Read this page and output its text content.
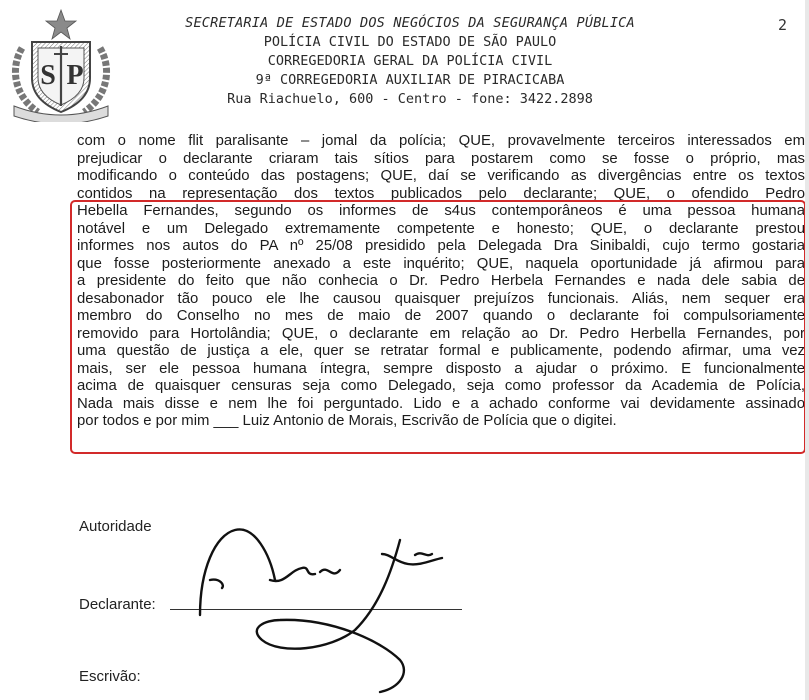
S P
2
SECRETARIA DE ESTADO DOS NEGÓCIOS DA SEGURANÇA PÚBLICA
POLÍCIA CIVIL DO ESTADO DE SÃO PAULO
CORREGEDORIA GERAL DA POLÍCIA CIVIL
9ª CORREGEDORIA AUXILIAR DE PIRACICABA
Rua Riachuelo, 600 - Centro - fone: 3422.2898
com o nome flit paralisante – jomal da polícia; QUE, provavelmente terceiros interessados em
prejudicar o declarante criaram tais sítios para postarem como se fosse o próprio, mas
modificando o conteúdo das postagens; QUE, daí se verificando as divergências entre os textos
contidos na representação dos textos publicados pelo declarante; QUE, o ofendido Pedro
Hebella Fernandes, segundo os informes de s4us contemporâneos é uma pessoa humana
notável e um Delegado extremamente competente e honesto; QUE, o declarante prestou
informes nos autos do PA nº 25/08 presidido pela Delegada Dra Sinibaldi, cujo termo gostaria
que fosse posteriormente anexado a este inquérito; QUE, naquela oportunidade já afirmou para
a presidente do feito que não conhecia o Dr. Pedro Herbela Fernandes e nada dele sabia de
desabonador tão pouco ele lhe causou quaisquer prejuízos funcionais. Aliás, nem sequer era
membro do Conselho no mes de maio de 2007 quando o declarante foi compulsoriamente
removido para Hortolândia; QUE, o declarante em relação ao Dr. Pedro Herbella Fernandes, por
uma questão de justiça a ele, quer se retratar formal e publicamente, podendo afirmar, uma vez
mais, ser ele pessoa humana íntegra, sempre disposto a ajudar o próximo. E funcionalmente
acima de quaisquer censuras seja como Delegado, seja como professor da Academia de Polícia,
Nada mais disse e nem lhe foi perguntado. Lido e a achado conforme vai devidamente assinado
por todos e por mim ___ Luiz Antonio de Morais, Escrivão de Polícia que o digitei.
Autoridade
Declarante:
Escrivão:
